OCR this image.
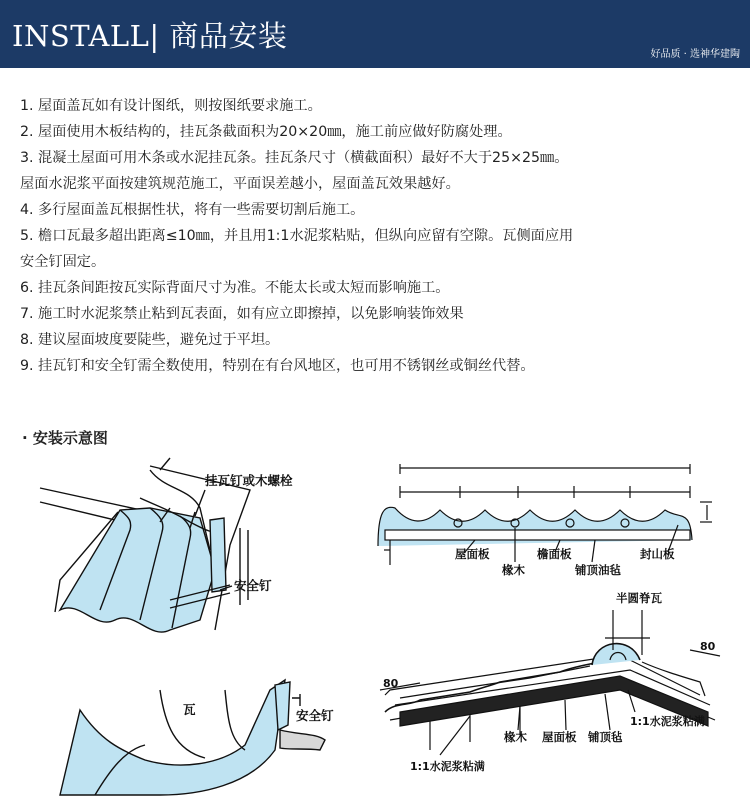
INSTALL| 商品安装
好品质 · 选神华建陶
1. 屋面盖瓦如有设计图纸，则按图纸要求施工。
2. 屋面使用木板结构的，挂瓦条截面积为20×20㎜，施工前应做好防腐处理。
3. 混凝土屋面可用木条或水泥挂瓦条。挂瓦条尺寸（横截面积）最好不大于25×25㎜。
屋面水泥浆平面按建筑规范施工，平面误差越小，屋面盖瓦效果越好。
4. 多行屋面盖瓦根据性状，将有一些需要切割后施工。
5. 檐口瓦最多超出距离≤10㎜，并且用1:1水泥浆粘贴，但纵向应留有空隙。瓦侧面应用
安全钉固定。
6. 挂瓦条间距按瓦实际背面尺寸为准。不能太长或太短而影响施工。
7. 施工时水泥浆禁止粘到瓦表面，如有应立即擦掉，以免影响装饰效果
8. 建议屋面坡度要陡些，避免过于平坦。
9. 挂瓦钉和安全钉需全数使用，特别在有台风地区，也可用不锈钢丝或铜丝代替。
· 安装示意图
挂瓦钉或木螺栓
安全钉
屋面板	檐面板	封山板
椽木	铺顶油毡
瓦	安全钉
半圆脊瓦
80
80
1:1水泥浆粘满
1:1水泥浆粘满
椽木 屋面板 铺顶毡
